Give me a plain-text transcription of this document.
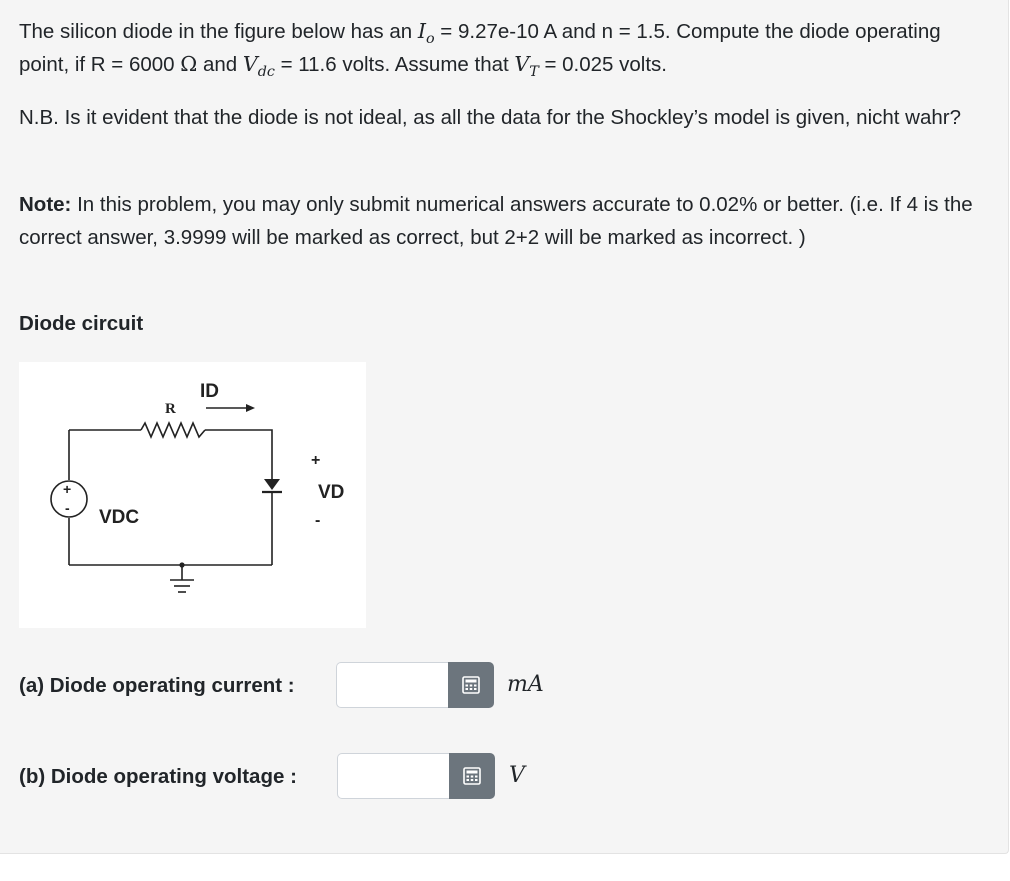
The silicon diode in the figure below has an $I_o = 9.27e-10$ A and n = 1.5. Compute the diode operating point, if R = 6000 Ω and $V_{dc} = 11.6$ volts. Assume that $V_T = 0.025$ volts.

N.B. Is it evident that the diode is not ideal, as all the data for the Shockley’s model is given, nicht wahr?

Note: In this problem, you may only submit numerical answers accurate to 0.02% or better. (i.e. If 4 is the correct answer, 3.9999 will be marked as correct, but 2+2 will be marked as incorrect. )

Diode circuit

R
ID
+
VD
-
VDC
+
-
(a) Diode operating current :	mA
(b) Diode operating voltage :	V
